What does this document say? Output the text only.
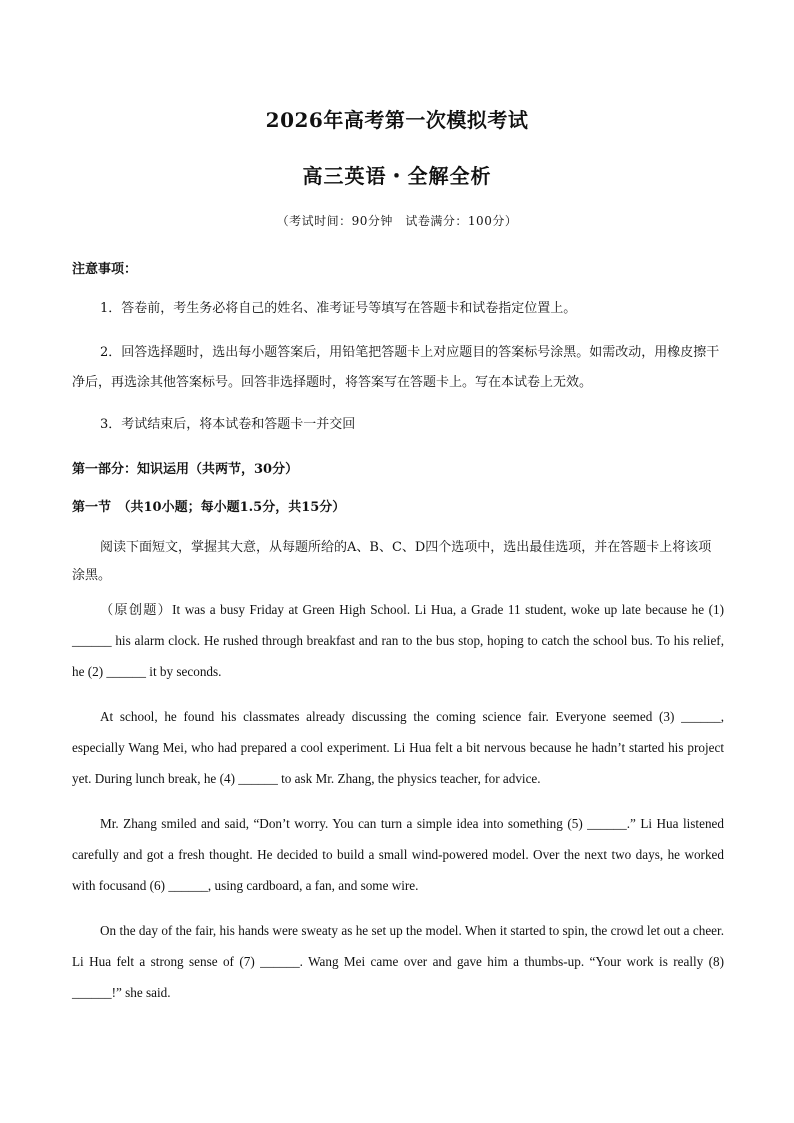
2026年高考第一次模拟考试
高三英语・全解全析
（考试时间：90分钟　试卷满分：100分）
注意事项：
1．答卷前，考生务必将自己的姓名、准考证号等填写在答题卡和试卷指定位置上。
2．回答选择题时，选出每小题答案后，用铅笔把答题卡上对应题目的答案标号涂黑。如需改动，用橡皮擦干净后，再选涂其他答案标号。回答非选择题时，将答案写在答题卡上。写在本试卷上无效。
3．考试结束后，将本试卷和答题卡一并交回
第一部分：知识运用（共两节，30分）
第一节　（共10小题；每小题1.5分，共15分）
阅读下面短文，掌握其大意，从每题所给的A、B、C、D四个选项中，选出最佳选项，并在答题卡上将该项涂黑。
（原创题）It was a busy Friday at Green High School. Li Hua, a Grade 11 student, woke up late because he (1) ______ his alarm clock. He rushed through breakfast and ran to the bus stop, hoping to catch the school bus. To his relief, he (2) ______ it by seconds.
At school, he found his classmates already discussing the coming science fair. Everyone seemed (3) ______, especially Wang Mei, who had prepared a cool experiment. Li Hua felt a bit nervous because he hadn’t started his project yet. During lunch break, he (4) ______ to ask Mr. Zhang, the physics teacher, for advice.
Mr. Zhang smiled and said, “Don’t worry. You can turn a simple idea into something (5) ______.” Li Hua listened carefully and got a fresh thought. He decided to build a small wind-powered model. Over the next two days, he worked with focusand (6) ______, using cardboard, a fan, and some wire.
On the day of the fair, his hands were sweaty as he set up the model. When it started to spin, the crowd let out a cheer. Li Hua felt a strong sense of (7) ______. Wang Mei came over and gave him a thumbs-up. “Your work is really (8) ______!” she said.
